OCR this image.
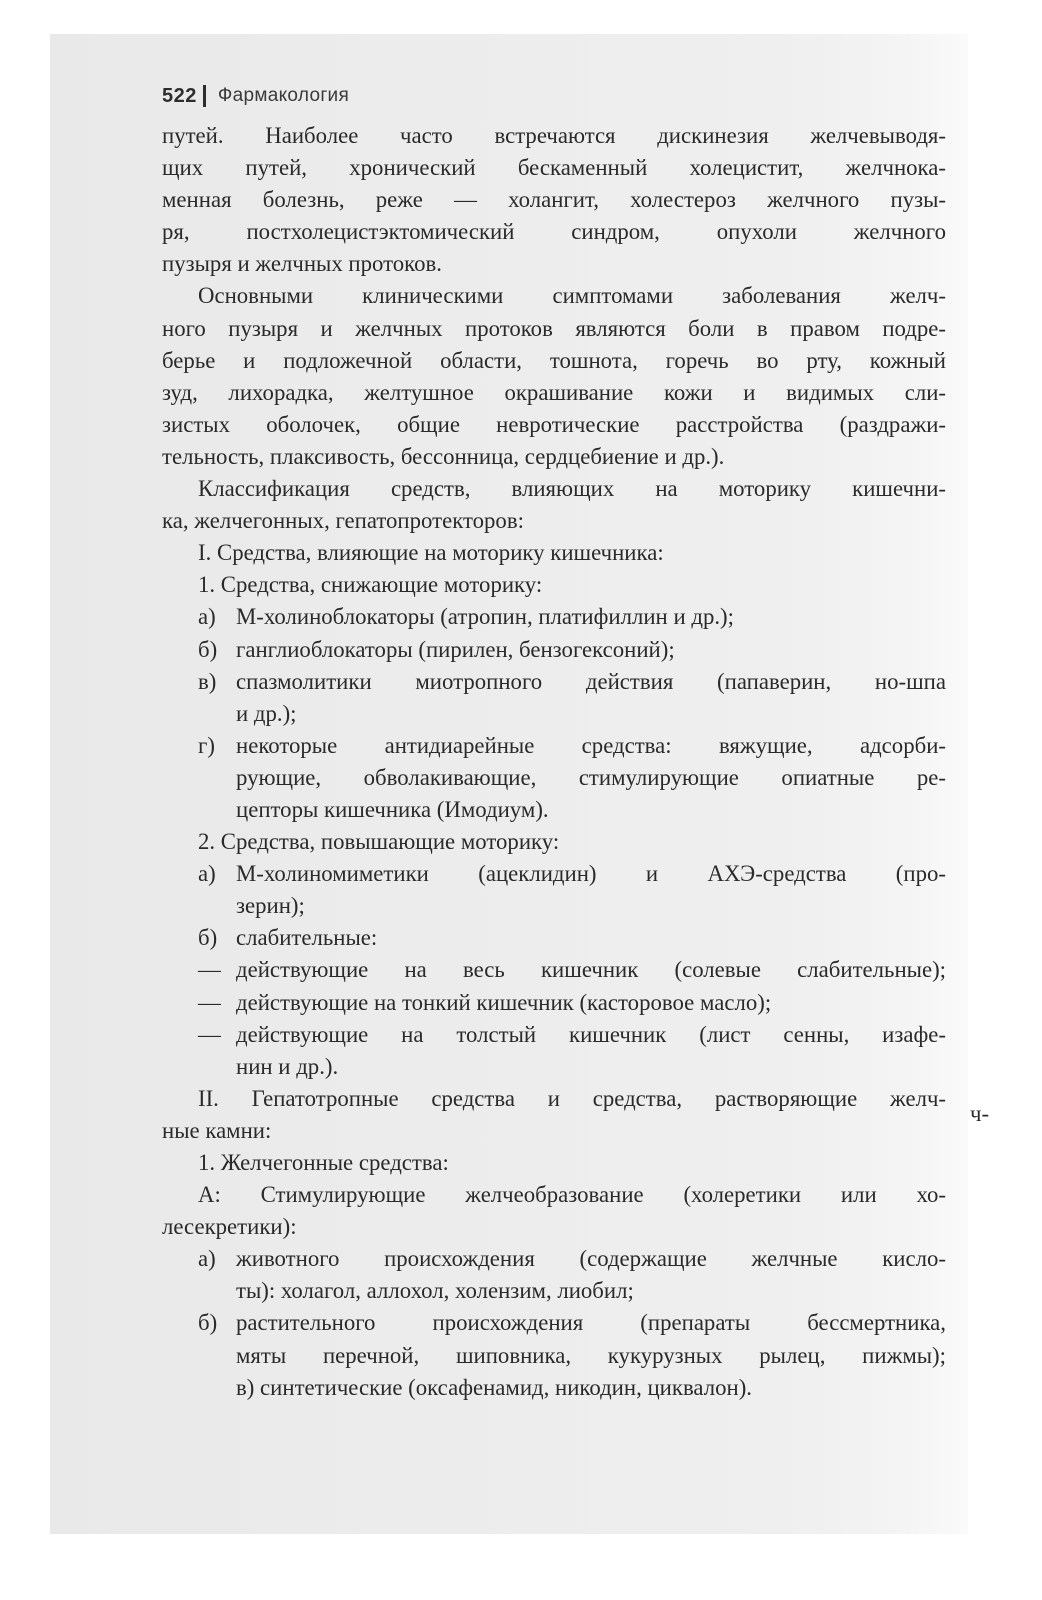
522 Фармакология
путей. Наиболее часто встречаются дискинезия желчевыводя-
щих путей, хронический бескаменный холецистит, желчнока-
менная болезнь, реже — холангит, холестероз желчного пузы-
ря, постхолецистэктомический синдром, опухоли желчного
пузыря и желчных протоков.
Основными клиническими симптомами заболевания желч-
ного пузыря и желчных протоков являются боли в правом подре-
берье и подложечной области, тошнота, горечь во рту, кожный
зуд, лихорадка, желтушное окрашивание кожи и видимых сли-
зистых оболочек, общие невротические расстройства (раздражи-
тельность, плаксивость, бессонница, сердцебиение и др.).
Классификация средств, влияющих на моторику кишечни-
ка, желчегонных, гепатопротекторов:
I. Средства, влияющие на моторику кишечника:
1. Средства, снижающие моторику:
а) М-холиноблокаторы (атропин, платифиллин и др.);
б) ганглиоблокаторы (пирилен, бензогексоний);
в) спазмолитики миотропного действия (папаверин, но-шпа
и др.);
г) некоторые антидиарейные средства: вяжущие, адсорби-
рующие, обволакивающие, стимулирующие опиатные ре-
цепторы кишечника (Имодиум).
2. Средства, повышающие моторику:
а) М-холиномиметики (ацеклидин) и АХЭ-средства (про-
зерин);
б) слабительные:
— действующие на весь кишечник (солевые слабительные);
— действующие на тонкий кишечник (касторовое масло);
— действующие на толстый кишечник (лист сенны, изафе-
нин и др.).
II. Гепатотропные средства и средства, растворяющие желч-
ные камни:
1. Желчегонные средства:
А: Стимулирующие желчеобразование (холеретики или хо-
лесекретики):
а) животного происхождения (содержащие желчные кисло-
ты): холагол, аллохол, холензим, лиобил;
б) растительного происхождения (препараты бессмертника,
мяты перечной, шиповника, кукурузных рылец, пижмы);
в) синтетические (оксафенамид, никодин, циквалон).
ч-
